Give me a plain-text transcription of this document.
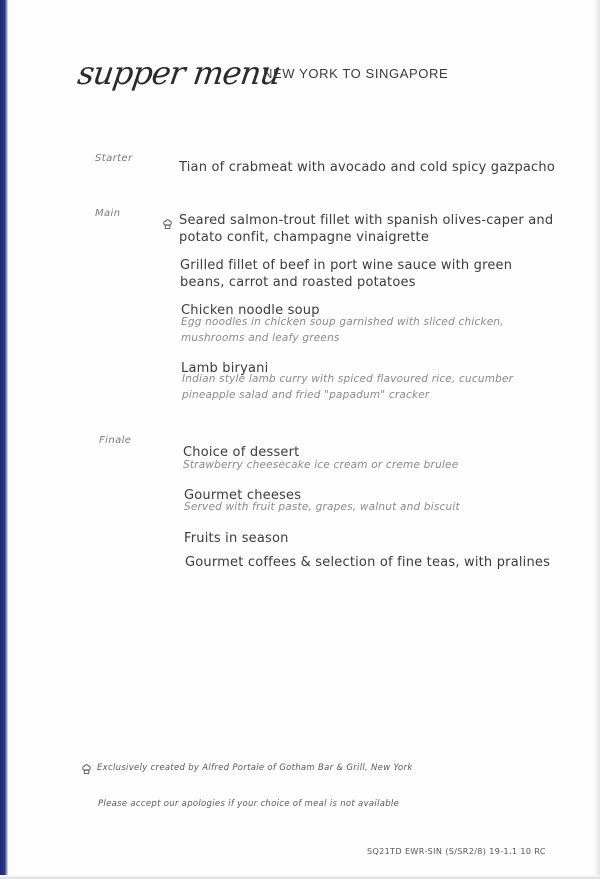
supper menu
NEW YORK TO SINGAPORE
Starter
Tian of crabmeat with avocado and cold spicy gazpacho
Main	Seared salmon-trout fillet with spanish olives-caper and
potato confit, champagne vinaigrette
Grilled fillet of beef in port wine sauce with green
beans, carrot and roasted potatoes
Chicken noodle soup
Egg noodles in chicken soup garnished with sliced chicken,
mushrooms and leafy greens
Lamb biryani
Indian style lamb curry with spiced flavoured rice, cucumber
pineapple salad and fried "papadum" cracker
Finale
Choice of dessert
Strawberry cheesecake ice cream or creme brulee
Gourmet cheeses
Served with fruit paste, grapes, walnut and biscuit
Fruits in season
Gourmet coffees & selection of fine teas, with pralines
Exclusively created by Alfred Portale of Gotham Bar & Grill, New York
Please accept our apologies if your choice of meal is not available
SQ21TD EWR-SIN (S/SR2/8) 19-1.1 10 RC
